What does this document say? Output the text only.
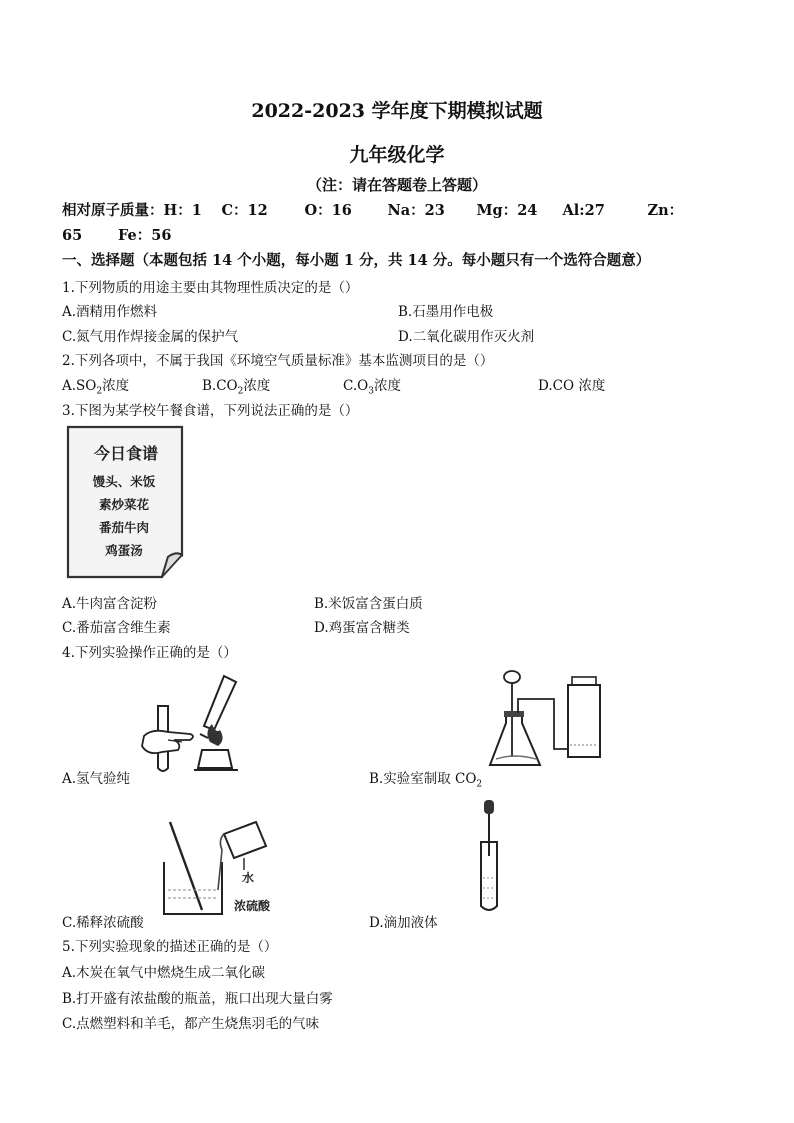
2022-2023 学年度下期模拟试题
九年级化学
（注：请在答题卷上答题）
相对原子质量：H：1 C：12	O：16 Na：23 Mg：24 Al:27	Zn：
65 Fe：56
一、选择题（本题包括 14 个小题，每小题 1 分，共 14 分。每小题只有一个选符合题意）
1.下列物质的用途主要由其物理性质决定的是（）
A.酒精用作燃料	B.石墨用作电极
C.氮气用作焊接金属的保护气	D.二氧化碳用作灭火剂
2.下列各项中，不属于我国《环境空气质量标准》基本监测项目的是（）
$A.SO_2$浓度	$B.CO_2$浓度	$C.O_3$浓度	D.CO 浓度
3.下图为某学校午餐食谱，下列说法正确的是（）
今日食谱
馒头、米饭
素炒菜花
番茄牛肉
鸡蛋汤
A.牛肉富含淀粉	B.米饭富含蛋白质
C.番茄富含维生素	D.鸡蛋富含糖类
4.下列实验操作正确的是（）
A.氢气验纯	B.实验室制取 $CO_2$
水
浓硫酸
C.稀释浓硫酸	D.滴加液体
5.下列实验现象的描述正确的是（）
A.木炭在氧气中燃烧生成二氧化碳
B.打开盛有浓盐酸的瓶盖，瓶口出现大量白雾
C.点燃塑料和羊毛，都产生烧焦羽毛的气味
